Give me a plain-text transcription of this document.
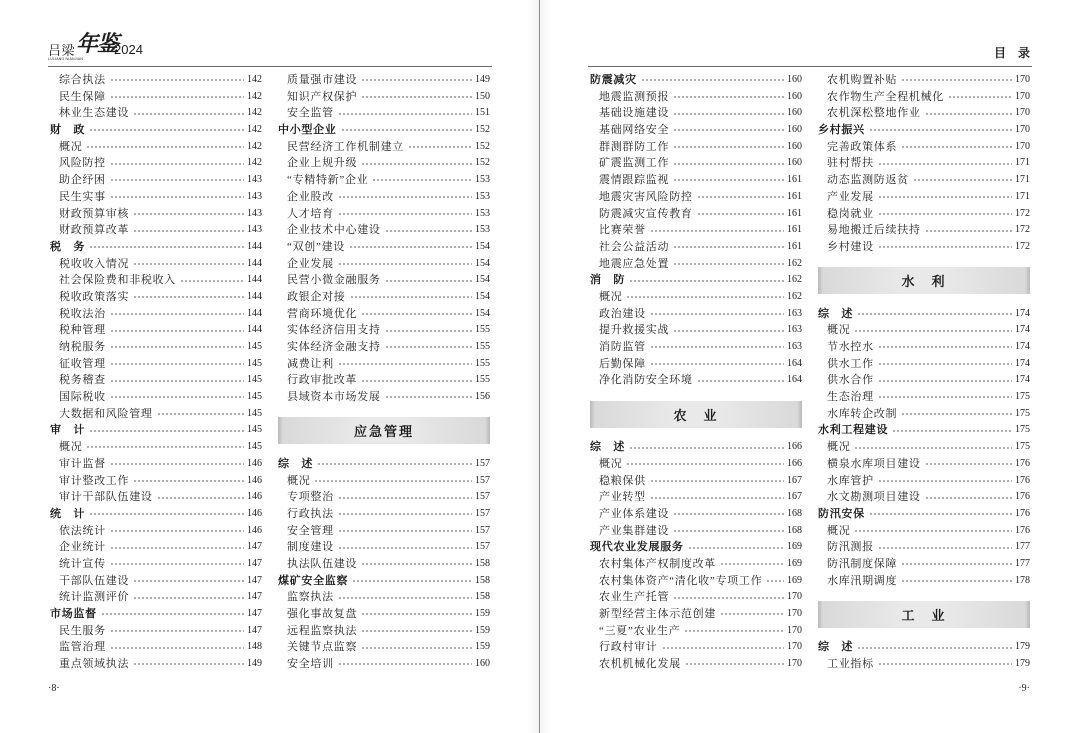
吕梁
LULIANG NIANJIAN
年鉴
2024	目　录
综合执法	142
民生保障	142
林业生态建设	142
财　政	142
概况	142
风险防控	142
助企纾困	143
民生实事	143
财政预算审核	143
财政预算改革	143
税　务	144
税收收入情况	144
社会保险费和非税收入	144
税收政策落实	144
税收法治	144
税种管理	144
纳税服务	145
征收管理	145
税务稽查	145
国际税收	145
大数据和风险管理	145
审　计	145
概况	145
审计监督	146
审计整改工作	146
审计干部队伍建设	146
统　计	146
依法统计	146
企业统计	147
统计宣传	147
干部队伍建设	147
统计监测评价	147
市场监督	147
民生服务	147
监管治理	148
重点领域执法	149
质量强市建设	149
知识产权保护	150
安全监管	151
中小型企业	152
民营经济工作机制建立	152
企业上规升级	152
“专精特新”企业	153
企业股改	153
人才培育	153
企业技术中心建设	153
“双创”建设	154
企业发展	154
民营小微金融服务	154
政银企对接	154
营商环境优化	154
实体经济信用支持	155
实体经济金融支持	155
减费让利	155
行政审批改革	155
县域资本市场发展	156
应急管理
综　述	157
概况	157
专项整治	157
行政执法	157
安全管理	157
制度建设	157
执法队伍建设	158
煤矿安全监察	158
监察执法	158
强化事故复盘	159
远程监察执法	159
关键节点监察	159
安全培训	160
防震减灾	160
地震监测预报	160
基础设施建设	160
基础网络安全	160
群测群防工作	160
矿震监测工作	160
震情跟踪监视	161
地震灾害风险防控	161
防震减灾宣传教育	161
比赛荣誉	161
社会公益活动	161
地震应急处置	162
消　防	162
概况	162
政治建设	163
提升救援实战	163
消防监管	163
后勤保障	164
净化消防安全环境	164
农　业
综　述	166
概况	166
稳粮保供	167
产业转型	167
产业体系建设	168
产业集群建设	168
现代农业发展服务	169
农村集体产权制度改革	169
农村集体资产“清化收”专项工作 169
农业生产托管	170
新型经营主体示范创建	170
“三夏”农业生产	170
行政村审计	170
农机机械化发展	170
农机购置补贴	170
农作物生产全程机械化	170
农机深松整地作业	170
乡村振兴	170
完善政策体系	170
驻村帮扶	171
动态监测防返贫	171
产业发展	171
稳岗就业	172
易地搬迁后续扶持	172
乡村建设	172
水　利
综　述	174
概况	174
节水控水	174
供水工作	174
供水合作	174
生态治理	175
水库转企改制	175
水利工程建设	175
概况	175
横泉水库项目建设	176
水库管护	176
水文勘测项目建设	176
防汛安保	176
概况	176
防汛测报	177
防汛制度保障	177
水库汛期调度	178
工　业
综　述	179
工业指标	179
·8·	·9·
